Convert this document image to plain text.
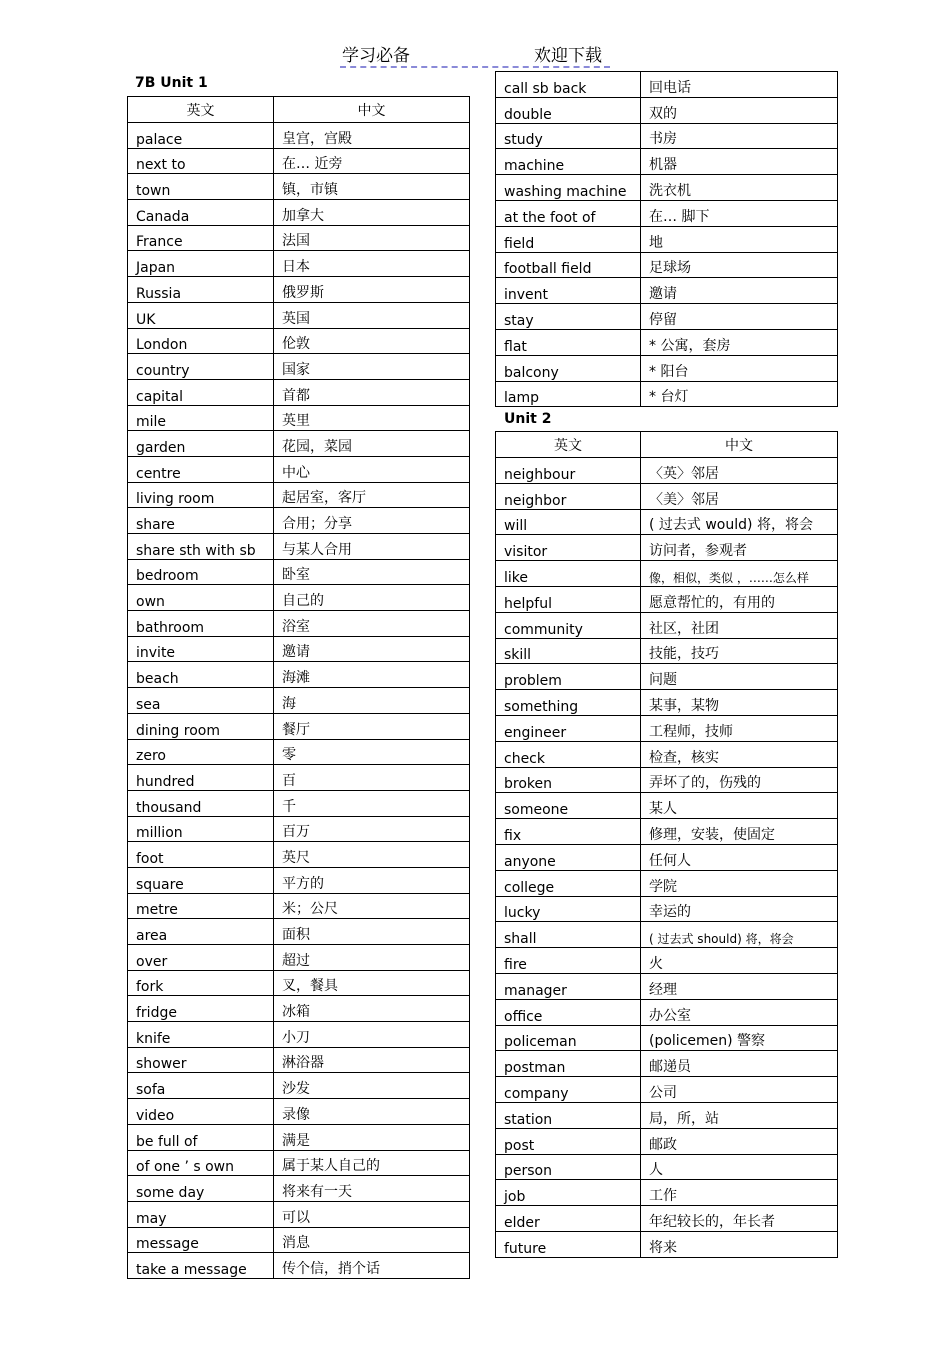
学习必备	欢迎下载
7B Unit 1
英文	中文
palace	皇宫，宫殿
next to	在… 近旁
town	镇，市镇
Canada	加拿大
France	法国
Japan	日本
Russia	俄罗斯
UK	英国
London	伦敦
country	国家
capital	首都
mile	英里
garden	花园，菜园
centre	中心
living room	起居室，客厅
share	合用；分享
share sth with sb	与某人合用
bedroom	卧室
own	自己的
bathroom	浴室
invite	邀请
beach	海滩
sea	海
dining room	餐厅
zero	零
hundred	百
thousand	千
million	百万
foot	英尺
square	平方的
metre	米；公尺
area	面积
over	超过
fork	叉，餐具
fridge	冰箱
knife	小刀
shower	淋浴器
sofa	沙发
video	录像
be full of	满是
of one ’ s own	属于某人自己的
some day	将来有一天
may	可以
message	消息
take a message	传个信，捎个话
call sb back	回电话
double	双的
study	书房
machine	机器
washing machine	洗衣机
at the foot of	在… 脚下
field	地
football field	足球场
invent	邀请
stay	停留
flat	* 公寓，套房
balcony	* 阳台
lamp	* 台灯
Unit 2
英文	中文
neighbour	〈英〉邻居
neighbor	〈美〉邻居
will	( 过去式 would) 将，将会
visitor	访问者，参观者
like	像，相似，类似 ，……怎么样
helpful	愿意帮忙的，有用的
community	社区，社团
skill	技能，技巧
problem	问题
something	某事，某物
engineer	工程师，技师
check	检查，核实
broken	弄坏了的，伤残的
someone	某人
fix	修理，安装，使固定
anyone	任何人
college	学院
lucky	幸运的
shall	( 过去式 should) 将，将会
fire	火
manager	经理
office	办公室
policeman	(policemen) 警察
postman	邮递员
company	公司
station	局，所，站
post	邮政
person	人
job	工作
elder	年纪较长的，年长者
future	将来
